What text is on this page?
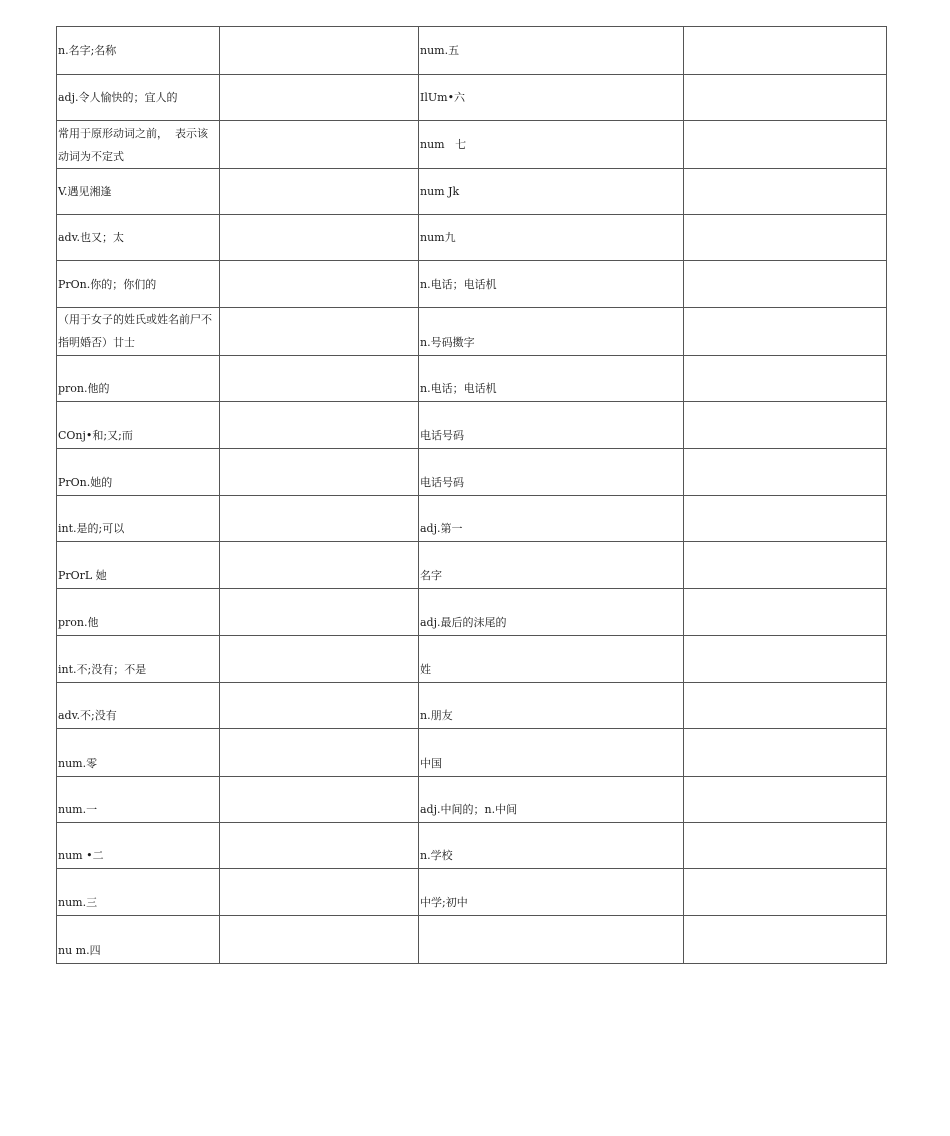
n.名字;名称		num.五	
adj.令人愉快的；宜人的		IlUm•六	
常用于原形动词之前，  表示该动词为不定式		num   七	
V.遇见湘逢		num Jk	
adv.也又；太		num九	
PrOn.你的；你们的		n.电话；电话机	
（用于女子的姓氏或姓名前尸不指明婚否）廿士		n.号码擞字	
pron.他的		n.电话；电话机	
COnj•和;又;而		电话号码	
PrOn.她的		电话号码	
int.是的;可以		adj.第一	
PrOrL 她		名字	
pron.他		adj.最后的沫尾的	
int.不;没有；不是		姓	
adv.不;没有		n.朋友	
num.零		中国	
num.一		adj.中间的；n.中间	
num •二		n.学校	
num.三		中学;初中	
nu m.四			
